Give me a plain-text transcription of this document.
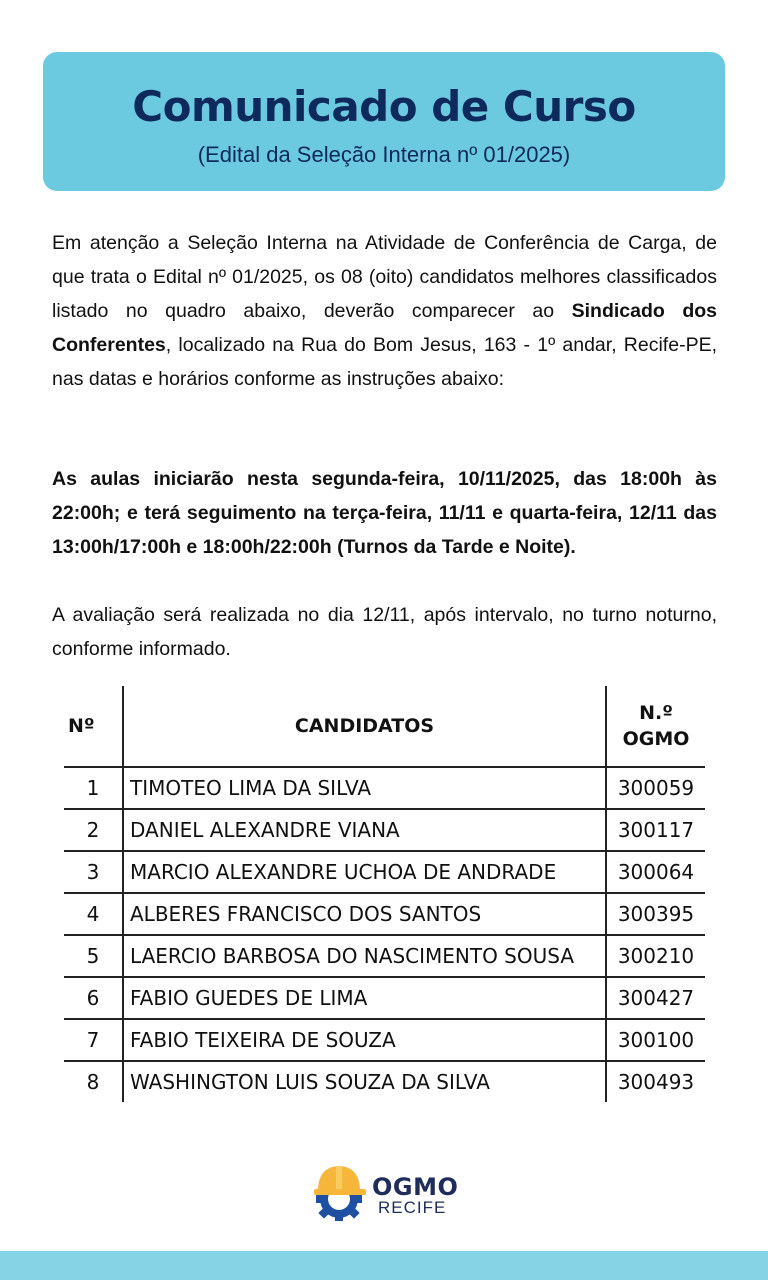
Comunicado de Curso

(Edital da Seleção Interna nº 01/2025)

Em atenção a Seleção Interna na Atividade de Conferência de Carga, de que trata o Edital nº 01/2025, os 08 (oito) candidatos melhores classificados listado no quadro abaixo, deverão comparecer ao Sindicado dos Conferentes, localizado na Rua do Bom Jesus, 163 - 1º andar, Recife-PE, nas datas e horários conforme as instruções abaixo:

As aulas iniciarão nesta segunda-feira, 10/11/2025, das 18:00h às 22:00h; e terá seguimento na terça-feira, 11/11 e quarta-feira, 12/11 das 13:00h/17:00h e 18:00h/22:00h (Turnos da Tarde e Noite).

A avaliação será realizada no dia 12/11, após intervalo, no turno noturno, conforme informado.

Nº	CANDIDATOS	N.º
OGMO
1	TIMOTEO LIMA DA SILVA	300059
2	DANIEL ALEXANDRE VIANA	300117
3	MARCIO ALEXANDRE UCHOA DE ANDRADE	300064
4	ALBERES FRANCISCO DOS SANTOS	300395
5	LAERCIO BARBOSA DO NASCIMENTO SOUSA	300210
6	FABIO GUEDES DE LIMA	300427
7	FABIO TEIXEIRA DE SOUZA	300100
8	WASHINGTON LUIS SOUZA DA SILVA	300493

OGMO

RECIFE
